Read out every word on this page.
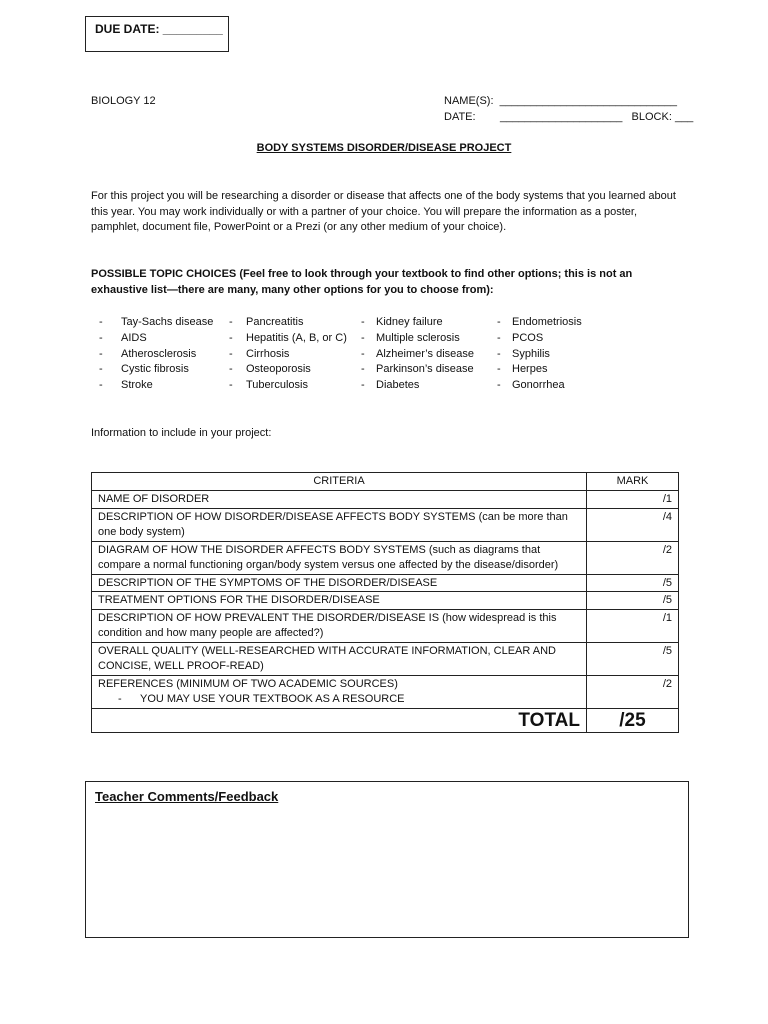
DUE DATE: _________
BIOLOGY 12	NAME(S):  _____________________________
DATE:        ____________________   BLOCK: ___
BODY SYSTEMS DISORDER/DISEASE PROJECT
For this project you will be researching a disorder or disease that affects one of the body systems that you learned about this year. You may work individually or with a partner of your choice. You will prepare the information as a poster, pamphlet, document file, PowerPoint or a Prezi (or any other medium of your choice).
POSSIBLE TOPIC CHOICES (Feel free to look through your textbook to find other options; this is not an exhaustive list—there are many, many other options for you to choose from):
- Tay-Sachs disease
- AIDS
- Atherosclerosis
- Cystic fibrosis
- Stroke
- Pancreatitis
- Hepatitis (A, B, or C)
- Cirrhosis
- Osteoporosis
- Tuberculosis
- Kidney failure
- Multiple sclerosis
- Alzheimer’s disease
- Parkinson’s disease
- Diabetes
- Endometriosis
- PCOS
- Syphilis
- Herpes
- Gonorrhea
Information to include in your project:
CRITERIA	MARK
NAME OF DISORDER	/1
DESCRIPTION OF HOW DISORDER/DISEASE AFFECTS BODY SYSTEMS (can be more than one body system)	/4
DIAGRAM OF HOW THE DISORDER AFFECTS BODY SYSTEMS (such as diagrams that compare a normal functioning organ/body system versus one affected by the disease/disorder)	/2
DESCRIPTION OF THE SYMPTOMS OF THE DISORDER/DISEASE	/5
TREATMENT OPTIONS FOR THE DISORDER/DISEASE	/5
DESCRIPTION OF HOW PREVALENT THE DISORDER/DISEASE IS (how widespread is this condition and how many people are affected?)	/1
OVERALL QUALITY (WELL-RESEARCHED WITH ACCURATE INFORMATION, CLEAR AND CONCISE, WELL PROOF-READ)	/5

REFERENCES (MINIMUM OF TWO ACADEMIC SOURCES)
-      YOU MAY USE YOUR TEXTBOOK AS A RESOURCE	/2
TOTAL	/25
Teacher Comments/Feedback
